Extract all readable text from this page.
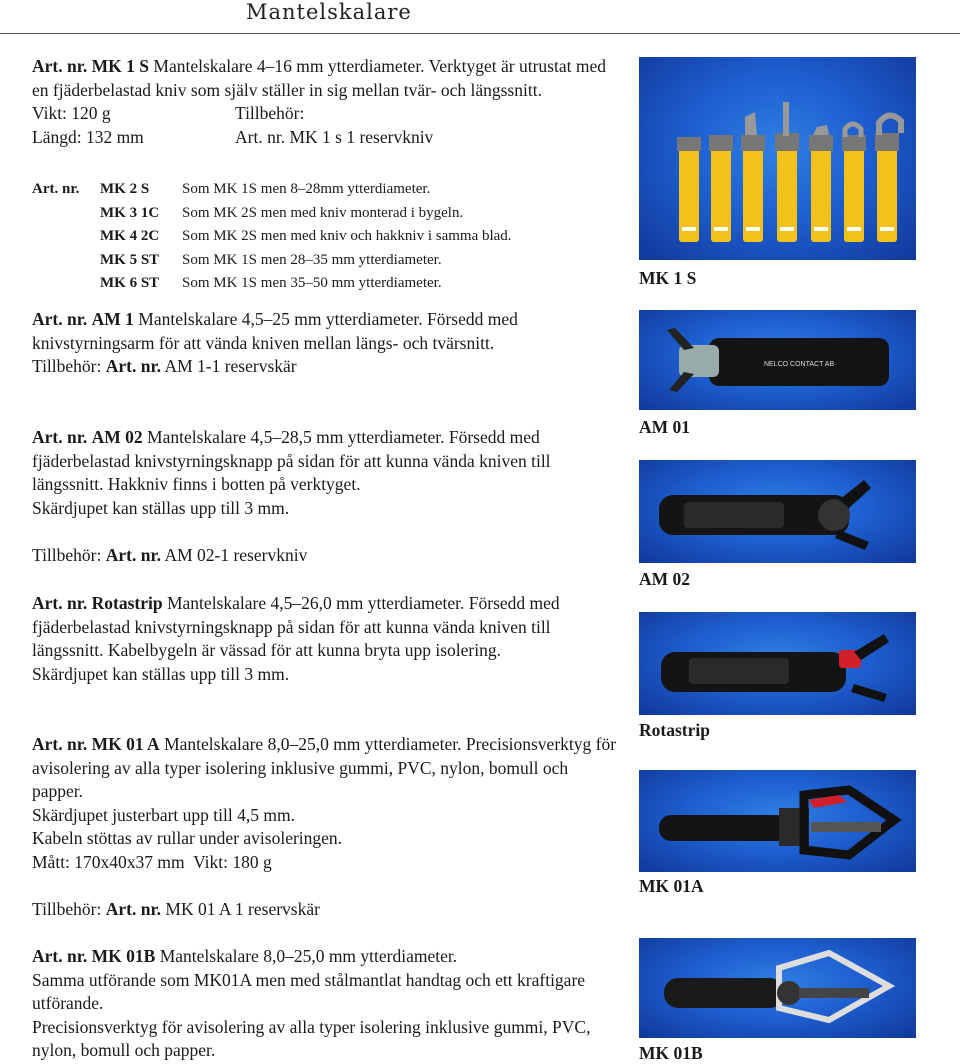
Mantelskalare
Art. nr. MK 1 S Mantelskalare 4–16 mm ytterdiameter. Verktyget är utrustat med en fjäderbelastad kniv som själv ställer in sig mellan tvär- och längssnitt.
Vikt: 120 g	Tillbehör:
Längd: 132 mm	Art. nr. MK 1 s 1 reservkniv
Art. nr.	MK 2 S	Som MK 1S men 8–28mm ytterdiameter.
MK 3 1C	Som MK 2S men med kniv monterad i bygeln.
MK 4 2C	Som MK 2S men med kniv och hakkniv i samma blad.
MK 5 ST	Som MK 1S men 28–35 mm ytterdiameter.
MK 6 ST	Som MK 1S men 35–50 mm ytterdiameter.
Art. nr. AM 1 Mantelskalare 4,5–25 mm ytterdiameter. Försedd med knivstyrningsarm för att vända kniven mellan längs- och tvärsnitt.
Tillbehör: Art. nr. AM 1-1 reservskär
Art. nr. AM 02 Mantelskalare 4,5–28,5 mm ytterdiameter. Försedd med fjäderbelastad knivstyrningsknapp på sidan för att kunna vända kniven till längssnitt. Hakkniv finns i botten på verktyget.
Skärdjupet kan ställas upp till 3 mm.
Tillbehör: Art. nr. AM 02-1 reservkniv
Art. nr. Rotastrip Mantelskalare 4,5–26,0 mm ytterdiameter. Försedd med fjäderbelastad knivstyrningsknapp på sidan för att kunna vända kniven till längssnitt. Kabelbygeln är vässad för att kunna bryta upp isolering.
Skärdjupet kan ställas upp till 3 mm.
Art. nr. MK 01 A Mantelskalare 8,0–25,0 mm ytterdiameter. Precisionsverktyg för avisolering av alla typer isolering inklusive gummi, PVC, nylon, bomull och papper.
Skärdjupet justerbart upp till 4,5 mm.
Kabeln stöttas av rullar under avisoleringen.
Mått: 170x40x37 mm  Vikt: 180 g
Tillbehör: Art. nr. MK 01 A 1 reservskär
Art. nr. MK 01B Mantelskalare 8,0–25,0 mm ytterdiameter.
Samma utförande som MK01A men med stålmantlat handtag och ett kraftigare utförande.
Precisionsverktyg för avisolering av alla typer isolering inklusive gummi, PVC, nylon, bomull och papper.
MK 1 S
NELCO CONTACT AB
AM 01
AM 02
Rotastrip
MK 01A
MK 01B
